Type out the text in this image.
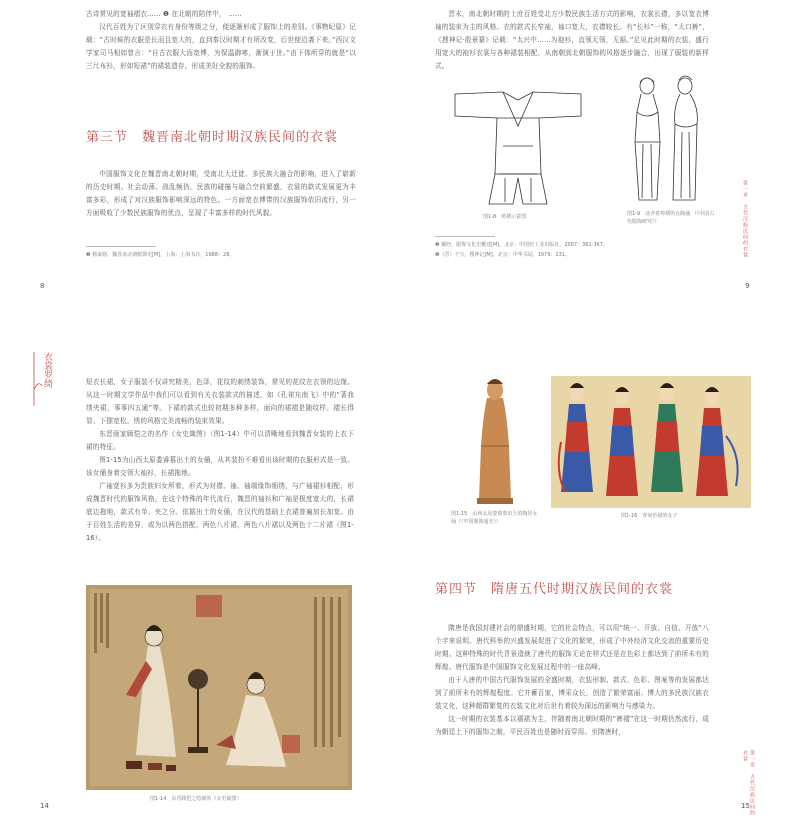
古诗常见的宽袖褶衣…… ❶ 在北朝的陪伴中， ……

汉代百姓为了区别穿衣有身份等级之分，便逐渐形成了服饰上的差别。《事物纪原》记载：“古时候的衣服是长而且宽大的，直到秦汉时期才有所改变，后世便沿袭下来。”西汉文学家司马相如曾言：“自古衣服大而宽博，为保温御寒，渐演于世。”由下体所穿的就是“以三尺布衫，形如短裙”的裙装遗存，形成美好全貌的服饰。

第三节　魏晋南北朝时期汉族民间的衣裳

中国服饰文化在魏晋南北朝时期，受南北大迁徙、多民族大融合的影响，进入了崭新的历史时期。社会动荡、战乱频仍，民族的碰撞与融合空前繁盛，衣裳的款式发展更为丰富多彩，形成了对汉族服饰影响深远的特色。一方面宽衣博带的汉族服饰依旧流行，另一方面吸收了少数民族服饰的优点，呈现了丰富多样的时代风貌。

❶ 杨家骆，魏晋南北朝服饰史[M]，上海：上海书店，1988：28。
8

晋末，南北朝时期的士庶百姓受北方少数民族生活方式的影响，衣裳长襟，多以宽衣博袖的装束为主的风格。衣的款式长窄袖，袖口宽大，衣襟较长。有“长衫”一称，“大口裤”，《搜神记·殷景纂》记载：“太兴中……为袍衫，直领无领，无裾。”足见此时期的衣装，盛行用宽大的袍衫衣裳与各种裙装相配，从南朝到北朝服饰的风格逐步融合，出现了服装的新样式。

图1-8　袴褶示意图	图1-9　北齐着袴褶的女陶俑 （《中国古代服饰研究》）
❶ 戴经，服饰文化史概述[M]，北京：中国轻工业出版社，2007：361-367。
❷（晋）干宝，搜神记[M]，北京：中华书局，1979：131。	第一章　古代汉族民间的衣裳
9
衣裳罗绮	短衣长裙，女子服装不仅讲究精美，色泽，花纹的刺绣装饰，常见的花纹在衣领的边缘。从这一时期文学作品中我们可以看到有关衣装款式的描述，如《孔雀东南飞》中的“著我绣夹裙，事事四五通”等。下裙的款式也较初期多种多样，面向的裙褶是随纹样、褶长得显、下摆宽松。绣的风格完美流畅的装束效果。

东晋画家顾恺之的名作《女史箴图》（图1-14）中可以清晰地看到魏晋女装的上衣下裙的特征。

图1-15为山西太原娄睿墓出土的女俑，从其装扮不难看出该时期的衣服形式是一致。该女俑身着交领大袖衫，长裙拖地。

广袖宽衫多为贵族妇女所着，形式为对襟、袖、袖端缘饰细绣，与广袖裙衫相配，形成魏晋时代的服饰风格，在这个特殊的年代流行，魏晋的袖衫和广袖是极度宽大的，长裙底边拖地，款式有单、夹之分。依据出土的女俑，在汉代的基础上衣裙普遍加长加宽。由于百姓生活的差异，或为以两色搭配，两色八片裙，两色八片裙以及两色十二片裙（图1-16）。

图1-14　东晋顾恺之绘制的《女史箴图》
14
图1-15　山西太原娄睿墓出土的陶侍女俑（《中国服饰通史》）
图1-16　穿间色裙的女子
第四节　隋唐五代时期汉族民间的衣裳

隋唐是我国封建社会的鼎盛时期，它的社会特点，可以用“统一、开放、自信、开放”八个字来说明。唐代科举的兴盛发展促进了文化的繁荣，形成了中外经济文化交流的重要历史时期。这种特殊的时代背景造就了唐代的服饰无论在样式还是在色彩上都达到了前所未有的辉煌。唐代服饰是中国服饰文化发展过程中的一座高峰。

由于入唐的中国古代服饰发展的全盛时期，衣装形制、款式、色彩、图案等的发展都达到了前所未有的辉煌程度。它并蓄百家，博采众长，创造了繁荣富丽、博大的多民族汉族衣装文化，这种超群繁复的衣装文化对后世有着较为深远的影响力与感染力。

这一时期的衣装基本以襦裙为主，伴随着南北朝时期的“裤褶”在这一时期仍然流行，成为朝廷上下的服饰之制，平民百姓也是随时而穿用。至隋唐时，

第一章　古代汉族民间的衣裳
15
